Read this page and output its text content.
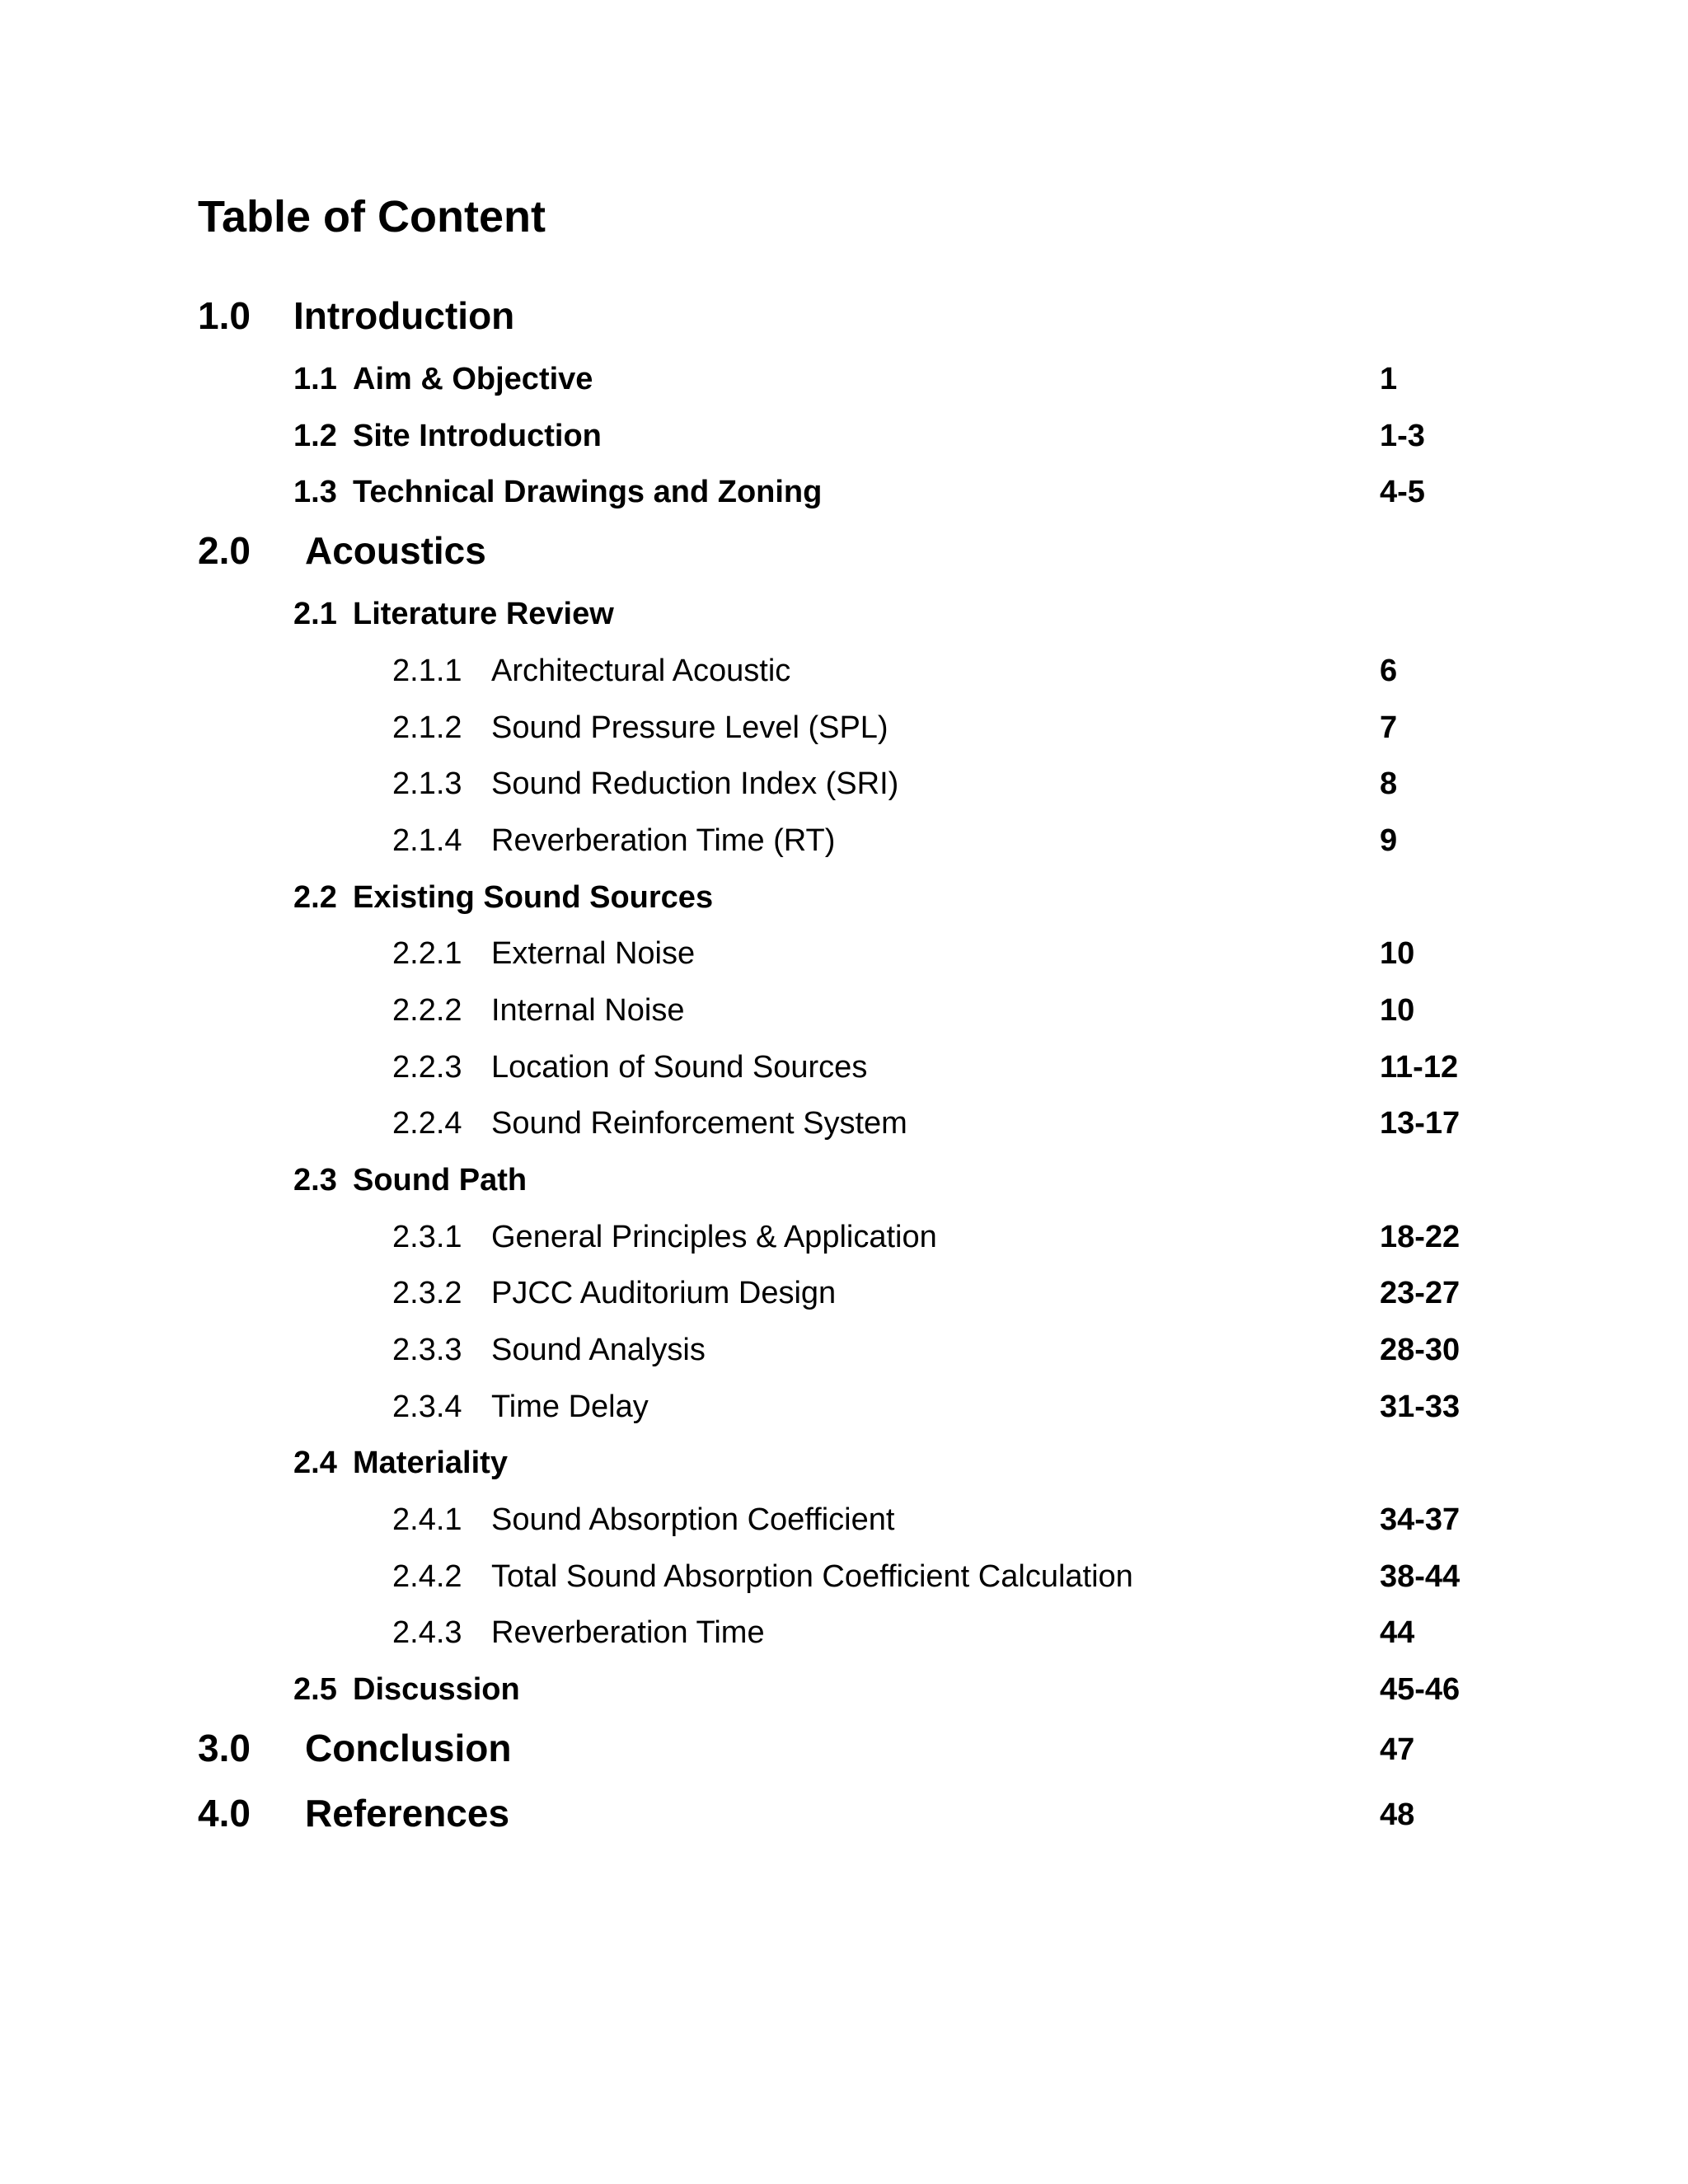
Table of Content
1.0 Introduction
1.1 Aim & Objective	1
1.2 Site Introduction	1-3
1.3 Technical Drawings and Zoning	4-5
2.0 Acoustics
2.1 Literature Review
2.1.1 Architectural Acoustic	6
2.1.2 Sound Pressure Level (SPL)	7
2.1.3 Sound Reduction Index (SRI)	8
2.1.4 Reverberation Time (RT)	9
2.2 Existing Sound Sources
2.2.1 External Noise	10
2.2.2 Internal Noise	10
2.2.3 Location of Sound Sources	11-12
2.2.4 Sound Reinforcement System	13-17
2.3 Sound Path
2.3.1 General Principles & Application	18-22
2.3.2 PJCC Auditorium Design	23-27
2.3.3 Sound Analysis	28-30
2.3.4 Time Delay	31-33
2.4 Materiality
2.4.1 Sound Absorption Coefficient	34-37
2.4.2 Total Sound Absorption Coefficient Calculation	38-44
2.4.3 Reverberation Time	44
2.5 Discussion	45-46
3.0 Conclusion	47
4.0 References	48
